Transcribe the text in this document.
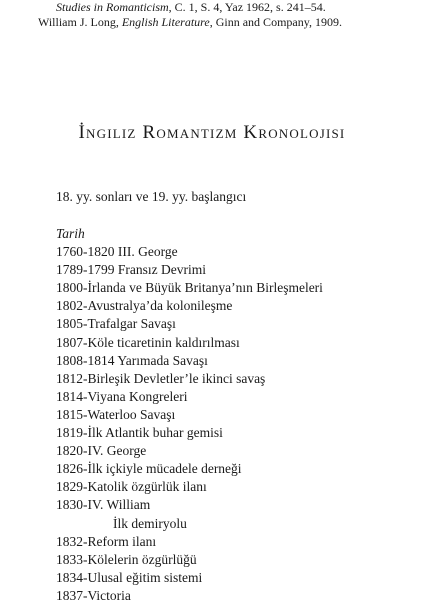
Studies in Romanticism, C. 1, S. 4, Yaz 1962, s. 241–54.
William J. Long, English Literature, Ginn and Company, 1909.
İngiliz Romantizm Kronolojisi
18. yy. sonları ve 19. yy. başlangıcı
Tarih
1760-1820 III. George
1789-1799 Fransız Devrimi
1800-İrlanda ve Büyük Britanya’nın Birleşmeleri
1802-Avustralya’da kolonileşme
1805-Trafalgar Savaşı
1807-Köle ticaretinin kaldırılması
1808-1814 Yarımada Savaşı
1812-Birleşik Devletler’le ikinci savaş
1814-Viyana Kongreleri
1815-Waterloo Savaşı
1819-İlk Atlantik buhar gemisi
1820-IV. George
1826-İlk içkiyle mücadele derneği
1829-Katolik özgürlük ilanı
1830-IV. William
İlk demiryolu
1832-Reform ilanı
1833-Kölelerin özgürlüğü
1834-Ulusal eğitim sistemi
1837-Victoria
